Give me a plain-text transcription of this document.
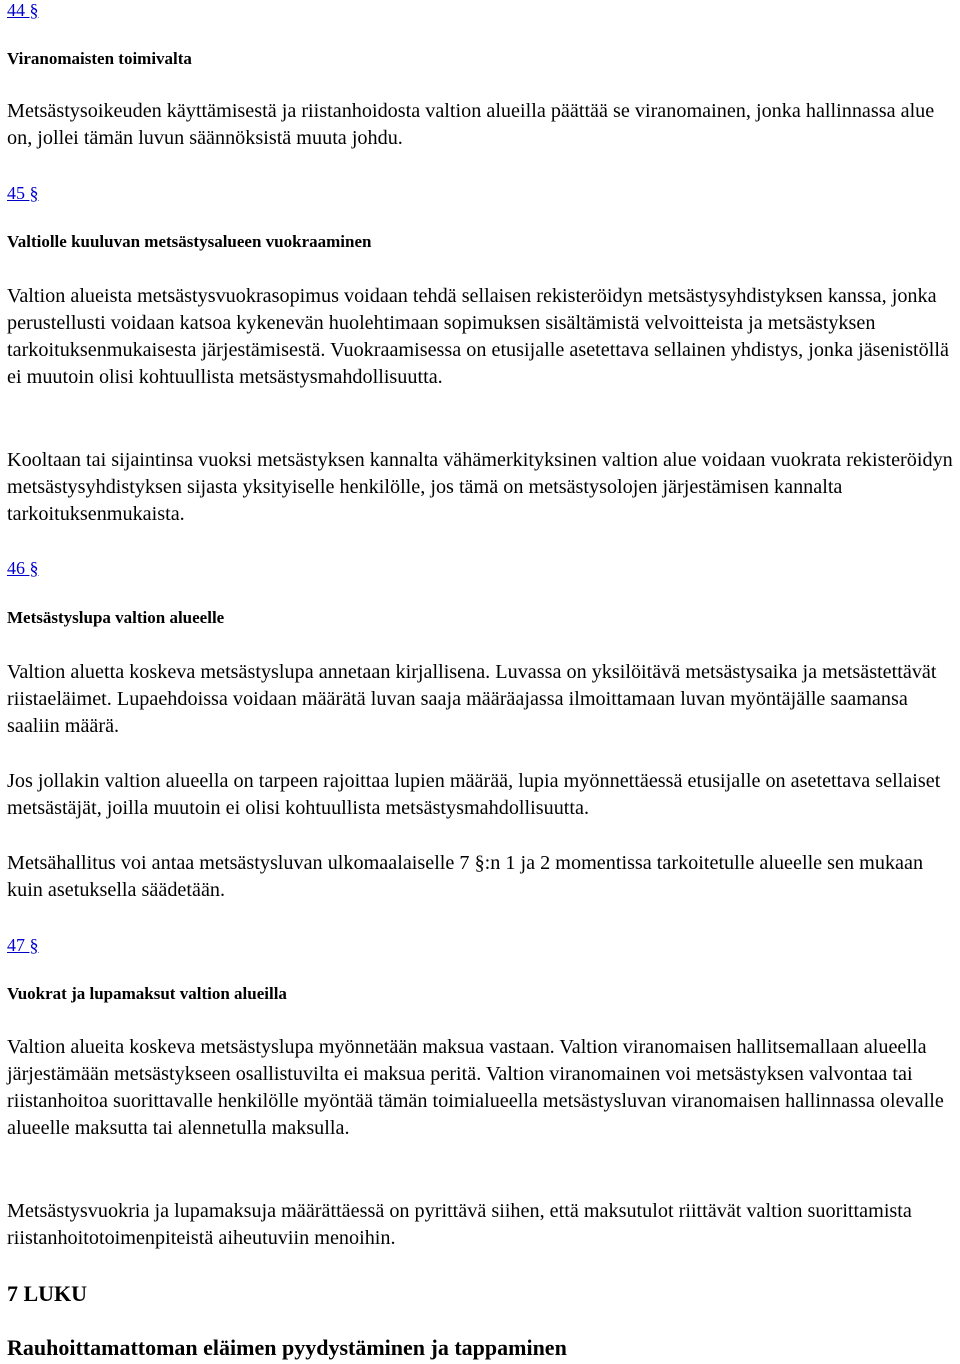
44 §
Viranomaisten toimivalta

Metsästysoikeuden käyttämisestä ja riistanhoidosta valtion alueilla päättää se viranomainen, jonka hallinnassa alue on, jollei tämän luvun säännöksistä muuta johdu.

45 §
Valtiolle kuuluvan metsästysalueen vuokraaminen

Valtion alueista metsästysvuokrasopimus voidaan tehdä sellaisen rekisteröidyn metsästysyhdistyksen kanssa, jonka perustellusti voidaan katsoa kykenevän huolehtimaan sopimuksen sisältämistä velvoitteista ja metsästyksen tarkoituksenmukaisesta järjestämisestä. Vuokraamisessa on etusijalle asetettava sellainen yhdistys, jonka jäsenistöllä ei muutoin olisi kohtuullista metsästysmahdollisuutta.

Kooltaan tai sijaintinsa vuoksi metsästyksen kannalta vähämerkityksinen valtion alue voidaan vuokrata rekisteröidyn metsästysyhdistyksen sijasta yksityiselle henkilölle, jos tämä on metsästysolojen järjestämisen kannalta tarkoituksenmukaista.

46 §
Metsästyslupa valtion alueelle

Valtion aluetta koskeva metsästyslupa annetaan kirjallisena. Luvassa on yksilöitävä metsästysaika ja metsästettävät riistaeläimet. Lupaehdoissa voidaan määrätä luvan saaja määräajassa ilmoittamaan luvan myöntäjälle saamansa saaliin määrä.

Jos jollakin valtion alueella on tarpeen rajoittaa lupien määrää, lupia myönnettäessä etusijalle on asetettava sellaiset metsästäjät, joilla muutoin ei olisi kohtuullista metsästysmahdollisuutta.

Metsähallitus voi antaa metsästysluvan ulkomaalaiselle 7 §:n 1 ja 2 momentissa tarkoitetulle alueelle sen mukaan kuin asetuksella säädetään.

47 §
Vuokrat ja lupamaksut valtion alueilla

Valtion alueita koskeva metsästyslupa myönnetään maksua vastaan. Valtion viranomaisen hallitsemallaan alueella järjestämään metsästykseen osallistuvilta ei maksua peritä. Valtion viranomainen voi metsästyksen valvontaa tai riistanhoitoa suorittavalle henkilölle myöntää tämän toimialueella metsästysluvan viranomaisen hallinnassa olevalle alueelle maksutta tai alennetulla maksulla.

Metsästysvuokria ja lupamaksuja määrättäessä on pyrittävä siihen, että maksutulot riittävät valtion suorittamista riistanhoitotoimenpiteistä aiheutuviin menoihin.

7 LUKU
Rauhoittamattoman eläimen pyydystäminen ja tappaminen
